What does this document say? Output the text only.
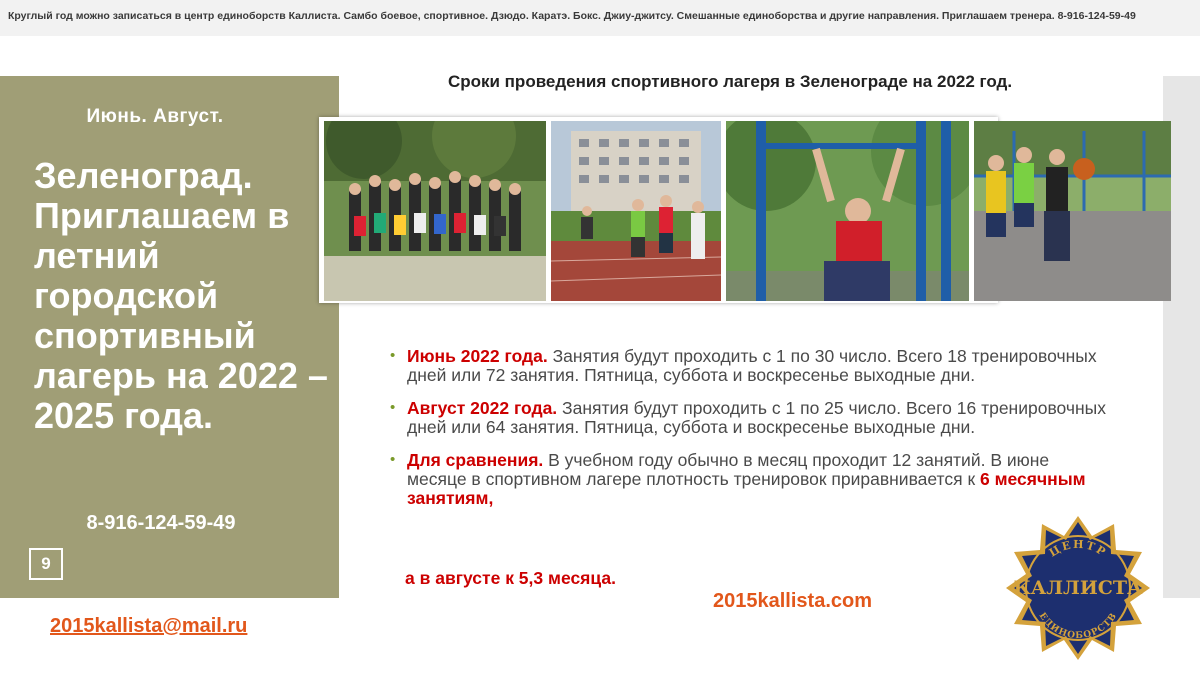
Круглый год можно записаться в центр единоборств Каллиста. Самбо боевое, спортивное. Дзюдо. Каратэ. Бокс. Джиу-джитсу. Смешанные единоборства и другие направления. Приглашаем тренера. 8-916-124-59-49
Июнь. Август.
Зеленоград. Приглашаем в летний городской спортивный лагерь на 2022 – 2025 года.
8-916-124-59-49
9
Сроки проведения спортивного лагеря в Зеленограде на 2022 год.
• Июнь 2022 года. Занятия будут проходить с 1 по 30 число. Всего 18 тренировочных дней или 72 занятия. Пятница, суббота и воскресенье выходные дни.
• Август 2022 года. Занятия будут проходить с 1 по 25 число. Всего 16 тренировочных дней или 64 занятия. Пятница, суббота и воскресенье выходные дни.
• Для сравнения. В учебном году обычно в месяц проходит 12 занятий. В июне месяце в спортивном лагере плотность тренировок приравнивается к 6 месячным занятиям,
а в августе к 5,3 месяца.
2015kallista@mail.ru
2015kallista.com
ЦЕНТР
КАЛЛИСТА
ЕДИНОБОРСТВ
